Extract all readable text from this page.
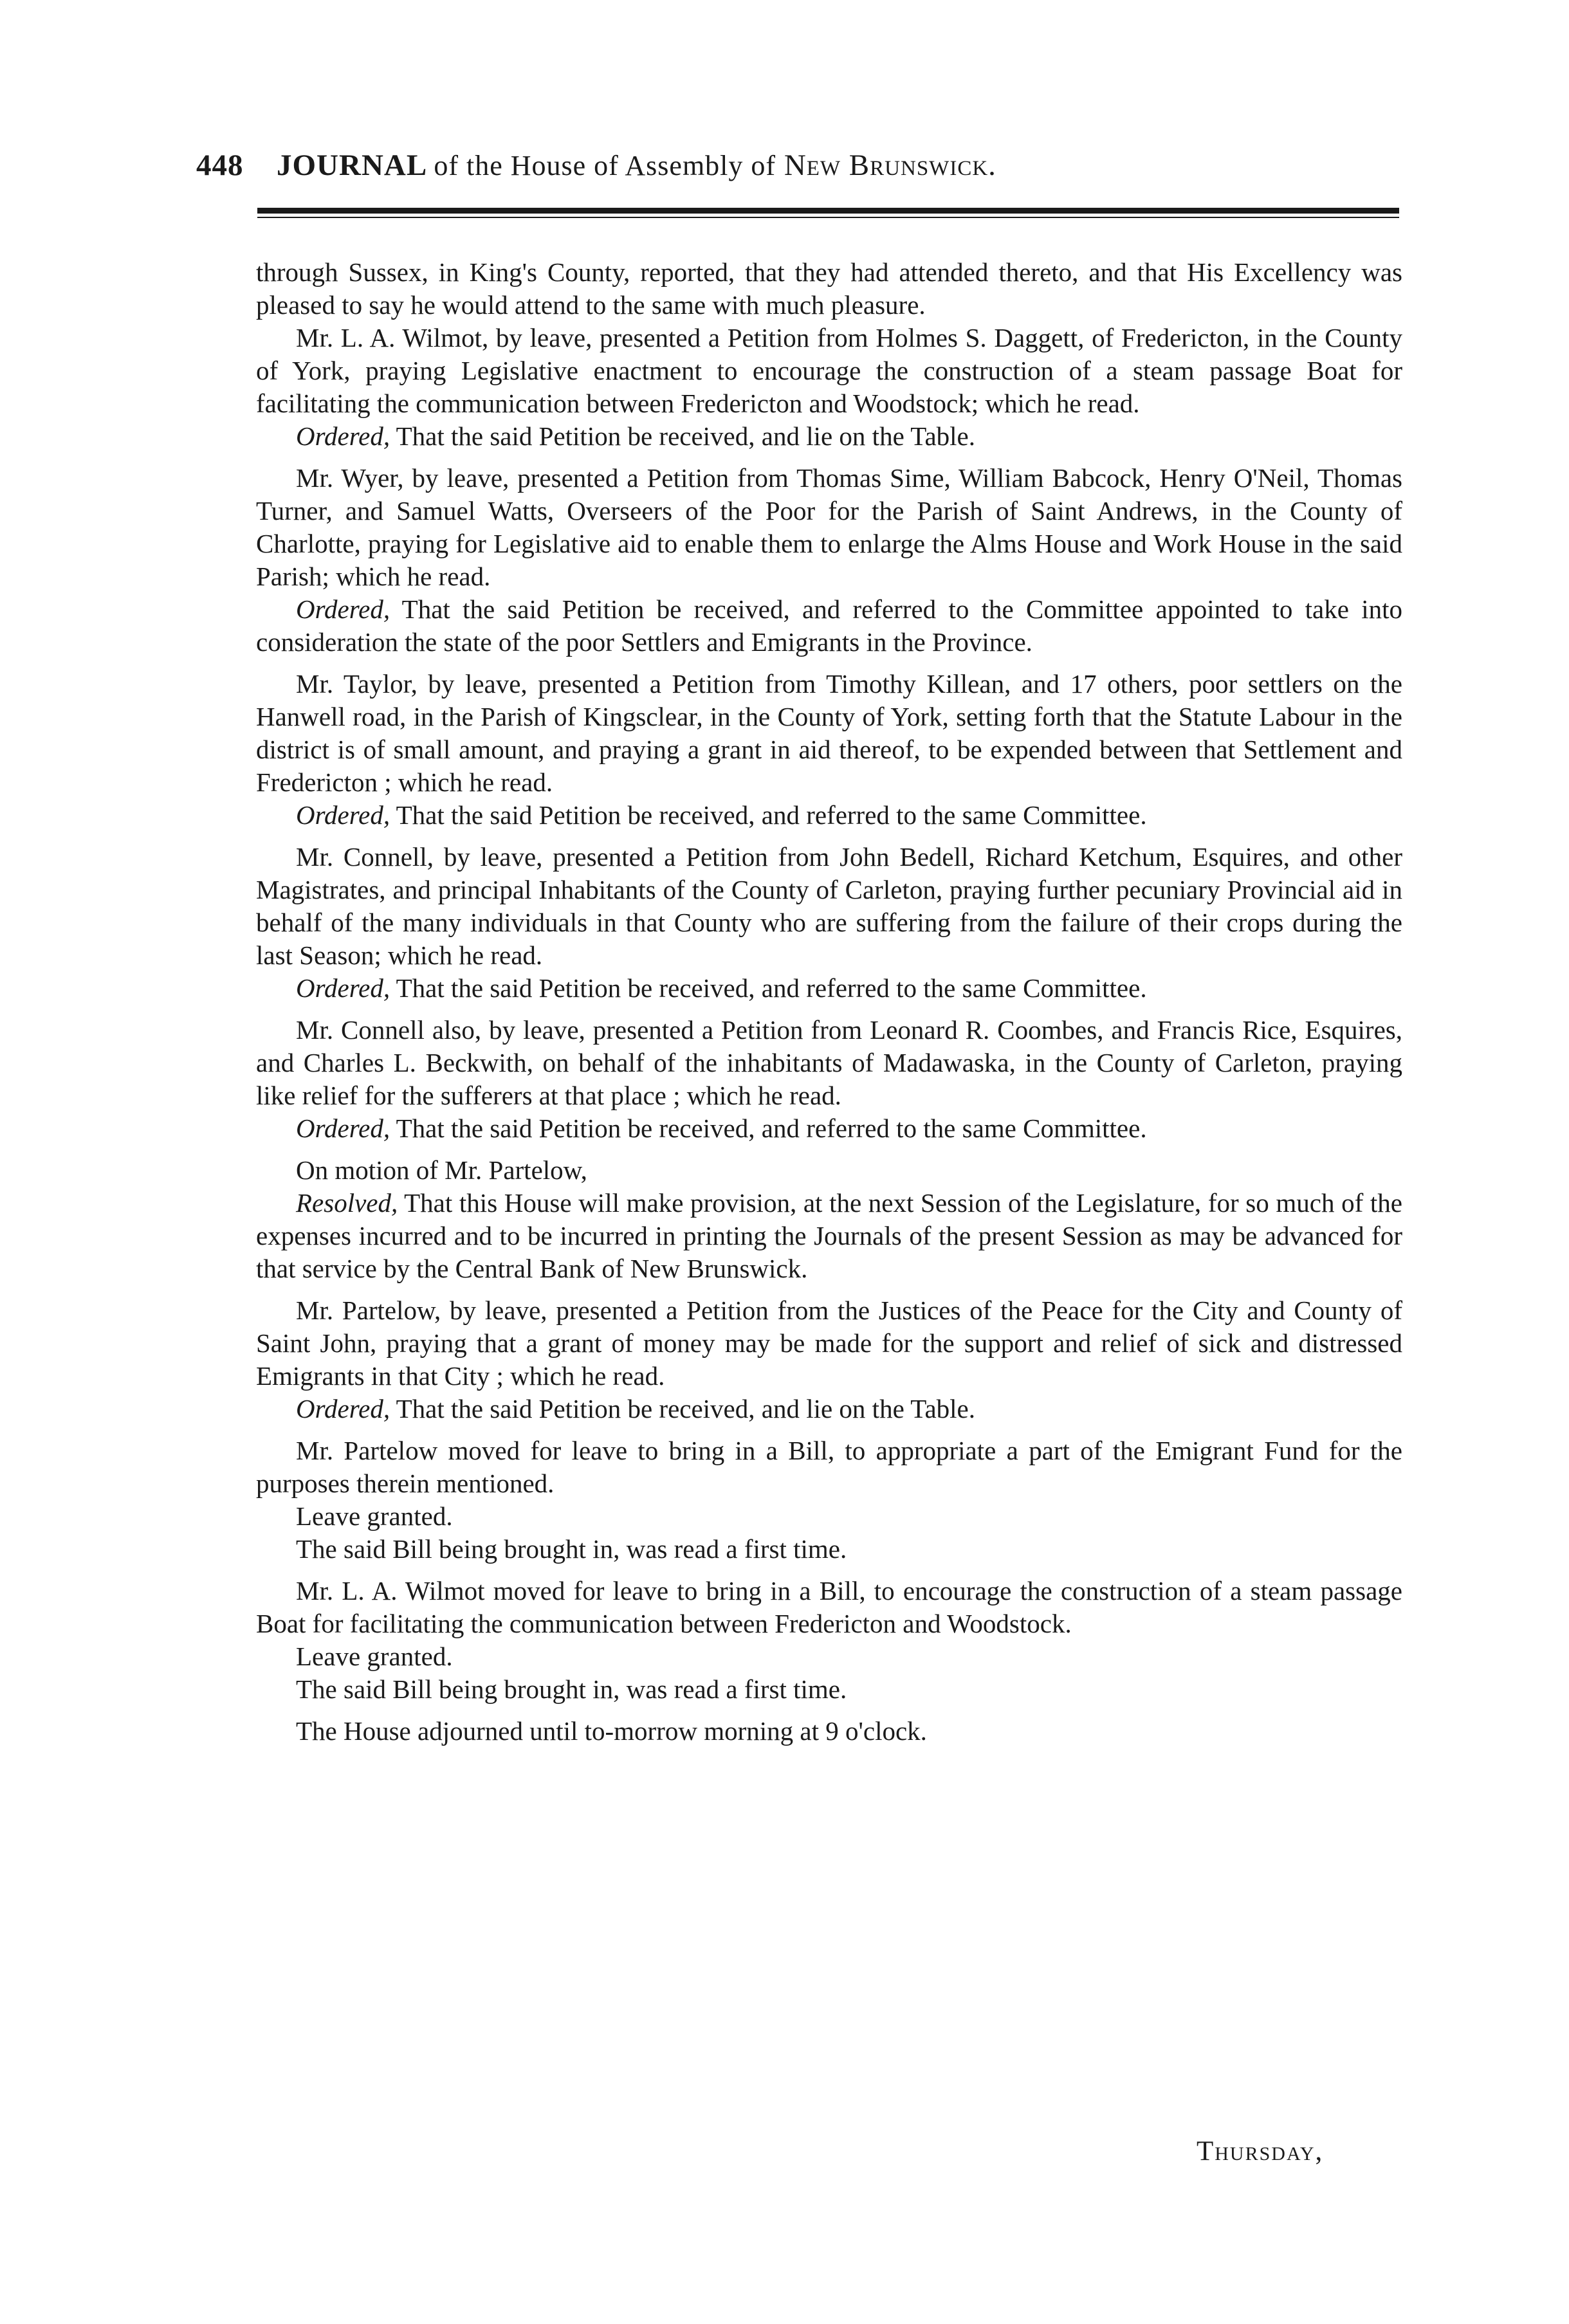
448 JOURNAL of the House of Assembly of New Brunswick.

through Sussex, in King's County, reported, that they had attended thereto, and that His Excellency was pleased to say he would attend to the same with much pleasure.

Mr. L. A. Wilmot, by leave, presented a Petition from Holmes S. Daggett, of Fredericton, in the County of York, praying Legislative enactment to encourage the construction of a steam passage Boat for facilitating the communication between Fredericton and Woodstock; which he read.

Ordered, That the said Petition be received, and lie on the Table.

Mr. Wyer, by leave, presented a Petition from Thomas Sime, William Babcock, Henry O'Neil, Thomas Turner, and Samuel Watts, Overseers of the Poor for the Parish of Saint Andrews, in the County of Charlotte, praying for Legislative aid to enable them to enlarge the Alms House and Work House in the said Parish; which he read.

Ordered, That the said Petition be received, and referred to the Committee appointed to take into consideration the state of the poor Settlers and Emigrants in the Province.

Mr. Taylor, by leave, presented a Petition from Timothy Killean, and 17 others, poor settlers on the Hanwell road, in the Parish of Kingsclear, in the County of York, setting forth that the Statute Labour in the district is of small amount, and praying a grant in aid thereof, to be expended between that Settlement and Fredericton ; which he read.

Ordered, That the said Petition be received, and referred to the same Committee.

Mr. Connell, by leave, presented a Petition from John Bedell, Richard Ketchum, Esquires, and other Magistrates, and principal Inhabitants of the County of Carleton, praying further pecuniary Provincial aid in behalf of the many individuals in that County who are suffering from the failure of their crops during the last Season; which he read.

Ordered, That the said Petition be received, and referred to the same Committee.

Mr. Connell also, by leave, presented a Petition from Leonard R. Coombes, and Francis Rice, Esquires, and Charles L. Beckwith, on behalf of the inhabitants of Madawaska, in the County of Carleton, praying like relief for the sufferers at that place ; which he read.

Ordered, That the said Petition be received, and referred to the same Committee.

On motion of Mr. Partelow,

Resolved, That this House will make provision, at the next Session of the Legislature, for so much of the expenses incurred and to be incurred in printing the Journals of the present Session as may be advanced for that service by the Central Bank of New Brunswick.

Mr. Partelow, by leave, presented a Petition from the Justices of the Peace for the City and County of Saint John, praying that a grant of money may be made for the support and relief of sick and distressed Emigrants in that City ; which he read.

Ordered, That the said Petition be received, and lie on the Table.

Mr. Partelow moved for leave to bring in a Bill, to appropriate a part of the Emigrant Fund for the purposes therein mentioned.

Leave granted.

The said Bill being brought in, was read a first time.

Mr. L. A. Wilmot moved for leave to bring in a Bill, to encourage the construction of a steam passage Boat for facilitating the communication between Fredericton and Woodstock.

Leave granted.

The said Bill being brought in, was read a first time.

The House adjourned until to-morrow morning at 9 o'clock.

Thursday,
